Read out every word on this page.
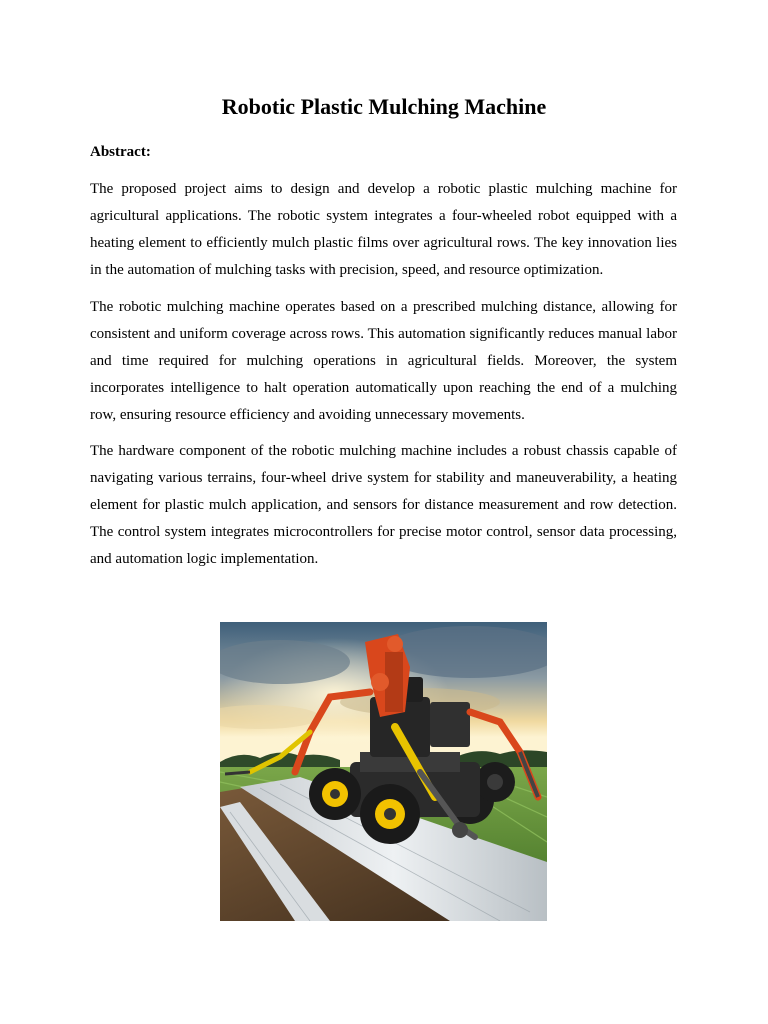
Robotic Plastic Mulching Machine

Abstract:

The proposed project aims to design and develop a robotic plastic mulching machine for agricultural applications. The robotic system integrates a four-wheeled robot equipped with a heating element to efficiently mulch plastic films over agricultural rows. The key innovation lies in the automation of mulching tasks with precision, speed, and resource optimization.

The robotic mulching machine operates based on a prescribed mulching distance, allowing for consistent and uniform coverage across rows. This automation significantly reduces manual labor and time required for mulching operations in agricultural fields. Moreover, the system incorporates intelligence to halt operation automatically upon reaching the end of a mulching row, ensuring resource efficiency and avoiding unnecessary movements.

The hardware component of the robotic mulching machine includes a robust chassis capable of navigating various terrains, four-wheel drive system for stability and maneuverability, a heating element for plastic mulch application, and sensors for distance measurement and row detection. The control system integrates microcontrollers for precise motor control, sensor data processing, and automation logic implementation.
